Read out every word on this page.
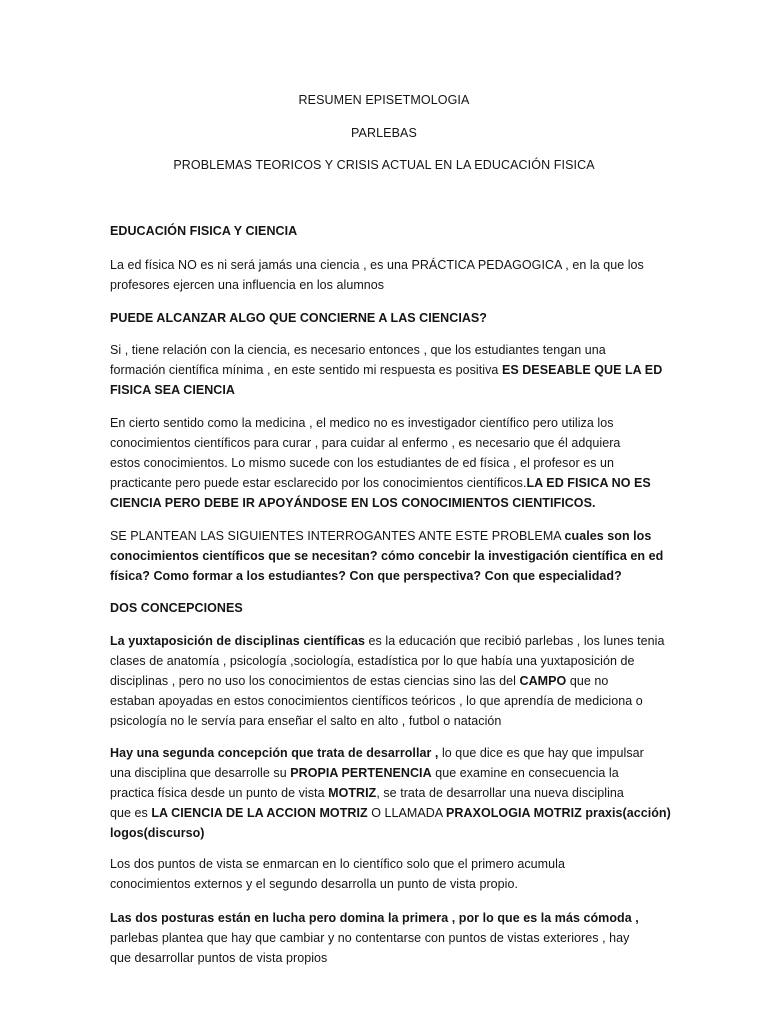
RESUMEN EPISETMOLOGIA
PARLEBAS
PROBLEMAS TEORICOS Y CRISIS ACTUAL EN LA EDUCACIÓN FISICA
EDUCACIÓN FISICA Y CIENCIA
La ed física NO es ni será jamás una ciencia , es una PRÁCTICA PEDAGOGICA , en la que los
profesores ejercen una influencia en los alumnos
PUEDE ALCANZAR ALGO QUE CONCIERNE A LAS CIENCIAS?
Si , tiene relación con la ciencia, es necesario entonces , que los estudiantes tengan una
formación científica mínima , en este sentido mi respuesta es positiva ES DESEABLE QUE LA ED
FISICA SEA CIENCIA
En cierto sentido como la medicina , el medico no es investigador científico pero utiliza los
conocimientos científicos para curar , para cuidar al enfermo , es necesario que él adquiera
estos conocimientos. Lo mismo sucede con los estudiantes de ed física , el profesor es un
practicante pero puede estar esclarecido por los conocimientos científicos.LA ED FISICA NO ES
CIENCIA PERO DEBE IR APOYÁNDOSE EN LOS CONOCIMIENTOS CIENTIFICOS.
SE PLANTEAN LAS SIGUIENTES INTERROGANTES ANTE ESTE PROBLEMA cuales son los
conocimientos científicos que se necesitan? cómo concebir la investigación científica en ed
física? Como formar a los estudiantes? Con que perspectiva? Con que especialidad?
DOS CONCEPCIONES
La yuxtaposición de disciplinas científicas es la educación que recibió parlebas , los lunes tenia
clases de anatomía , psicología ,sociología, estadística por lo que había una yuxtaposición de
disciplinas , pero no uso los conocimientos de estas ciencias sino las del CAMPO que no
estaban apoyadas en estos conocimientos científicos teóricos , lo que aprendía de mediciona o
psicología no le servía para enseñar el salto en alto , futbol o natación
Hay una segunda concepción que trata de desarrollar , lo que dice es que hay que impulsar
una disciplina que desarrolle su PROPIA PERTENENCIA que examine en consecuencia la
practica física desde un punto de vista MOTRIZ, se trata de desarrollar una nueva disciplina
que es LA CIENCIA DE LA ACCION MOTRIZ O LLAMADA PRAXOLOGIA MOTRIZ praxis(acción)
logos(discurso)
Los dos puntos de vista se enmarcan en lo científico solo que el primero acumula
conocimientos externos y el segundo desarrolla un punto de vista propio.
Las dos posturas están en lucha pero domina la primera , por lo que es la más cómoda ,
parlebas plantea que hay que cambiar y no contentarse con puntos de vistas exteriores , hay
que desarrollar puntos de vista propios
